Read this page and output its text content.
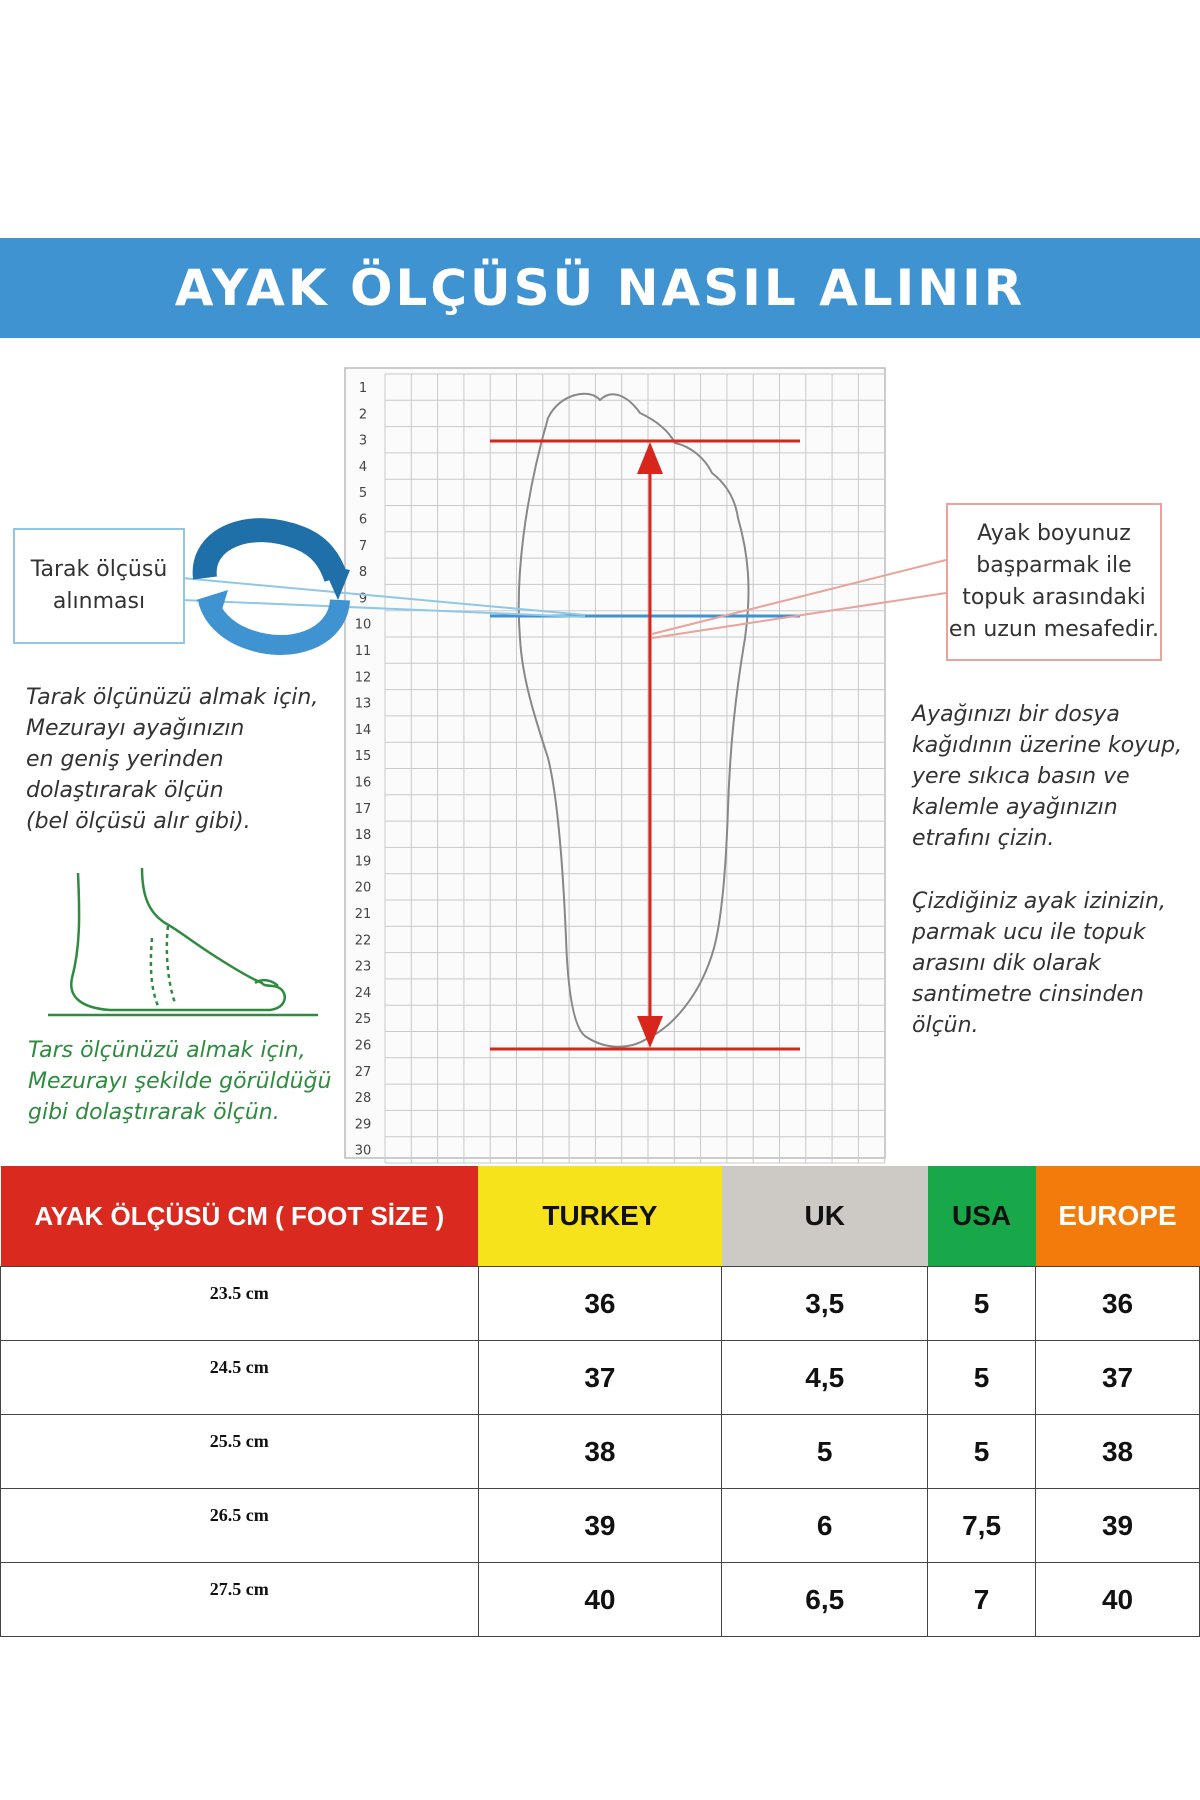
AYAK ÖLÇÜSÜ NASIL ALINIR
1
2
3
4
5
6
7
8
9
10
11
12
13
14
15
16
17
18
19
20
21
22
23
24
25
26
27
28
29
30
Tarak ölçüsü
alınması
Ayak boyunuz
başparmak ile
topuk arasındaki
en uzun mesafedir.
Tarak ölçünüzü almak için,
Mezurayı ayağınızın
en geniş yerinden
dolaştırarak ölçün
(bel ölçüsü alır gibi).
Tars ölçünüzü almak için,
Mezurayı şekilde görüldüğü
gibi dolaştırarak ölçün.
Ayağınızı bir dosya
kağıdının üzerine koyup,
yere sıkıca basın ve
kalemle ayağınızın
etrafını çizin.
Çizdiğiniz ayak izinizin,
parmak ucu ile topuk
arasını dik olarak
santimetre cinsinden
ölçün.
AYAK ÖLÇÜSÜ CM ( FOOT SİZE )	TURKEY	UK	USA	EUROPE
23.5 cm	36	3,5	5	36
24.5 cm	37	4,5	5	37
25.5 cm	38	5	5	38
26.5 cm	39	6	7,5	39
27.5 cm	40	6,5	7	40
